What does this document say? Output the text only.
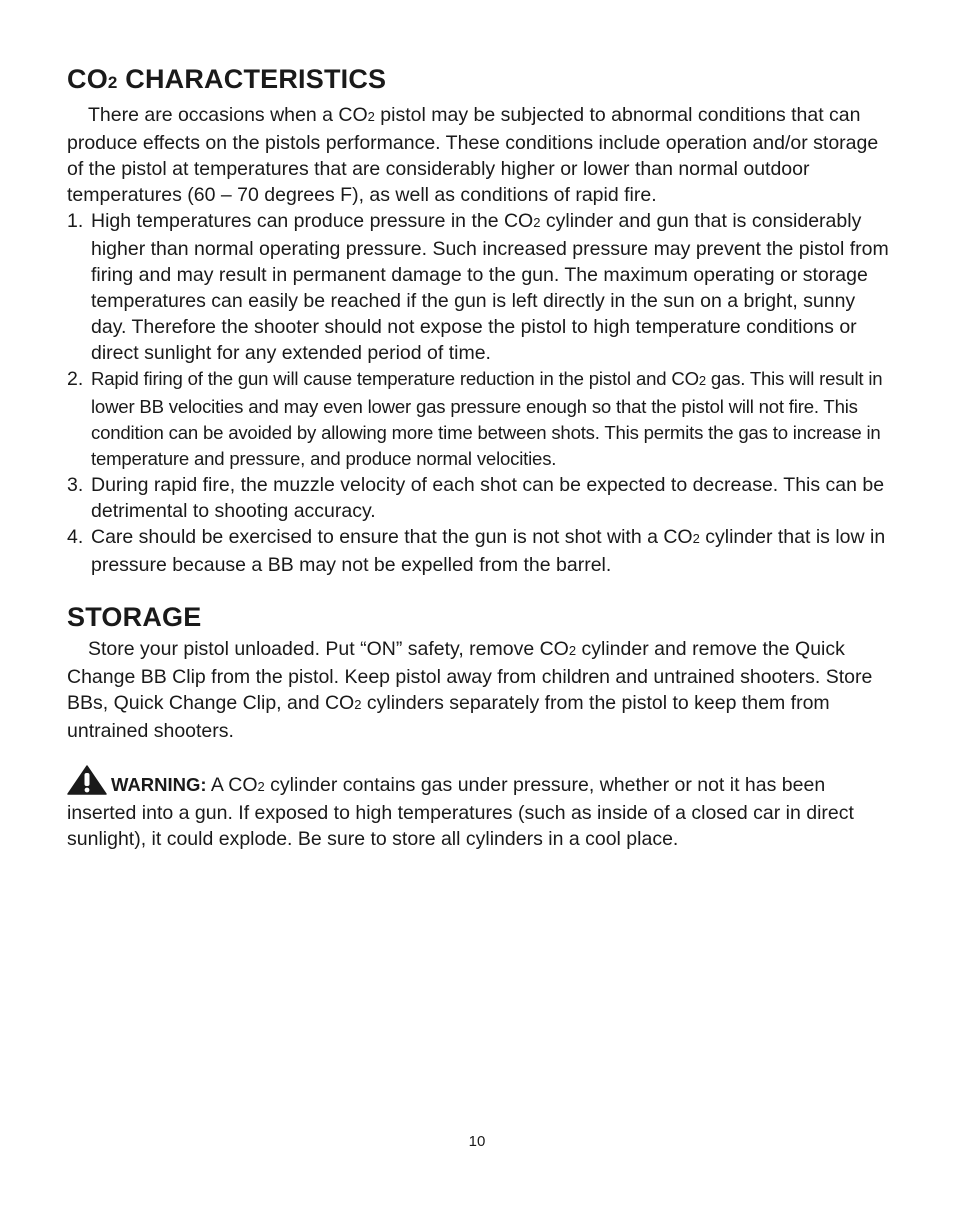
CO2 CHARACTERISTICS

There are occasions when a CO2 pistol may be subjected to abnormal conditions that can produce effects on the pistols performance. These conditions include operation and/or storage of the pistol at temperatures that are considerably higher or lower than normal outdoor temperatures (60 – 70 degrees F), as well as conditions of rapid fire.

1. High temperatures can produce pressure in the CO2 cylinder and gun that is considerably higher than normal operating pressure. Such increased pressure may prevent the pistol from firing and may result in permanent damage to the gun. The maximum operating or storage temperatures can easily be reached if the gun is left directly in the sun on a bright, sunny day. Therefore the shooter should not expose the pistol to high temperature conditions or direct sunlight for any extended period of time.
2. Rapid firing of the gun will cause temperature reduction in the pistol and CO2 gas. This will result in lower BB velocities and may even lower gas pressure enough so that the pistol will not fire. This condition can be avoided by allowing more time between shots. This permits the gas to increase in temperature and pressure, and produce normal velocities.
3. During rapid fire, the muzzle velocity of each shot can be expected to decrease. This can be detrimental to shooting accuracy.
4. Care should be exercised to ensure that the gun is not shot with a CO2 cylinder that is low in pressure because a BB may not be expelled from the barrel.
STORAGE

Store your pistol unloaded. Put “ON” safety, remove CO2 cylinder and remove the Quick Change BB Clip from the pistol. Keep pistol away from children and untrained shooters. Store BBs, Quick Change Clip, and CO2 cylinders separately from the pistol to keep them from untrained shooters.

WARNING: A CO2 cylinder contains gas under pressure, whether or not it has been inserted into a gun. If exposed to high temperatures (such as inside of a closed car in direct sunlight), it could explode. Be sure to store all cylinders in a cool place.

10
